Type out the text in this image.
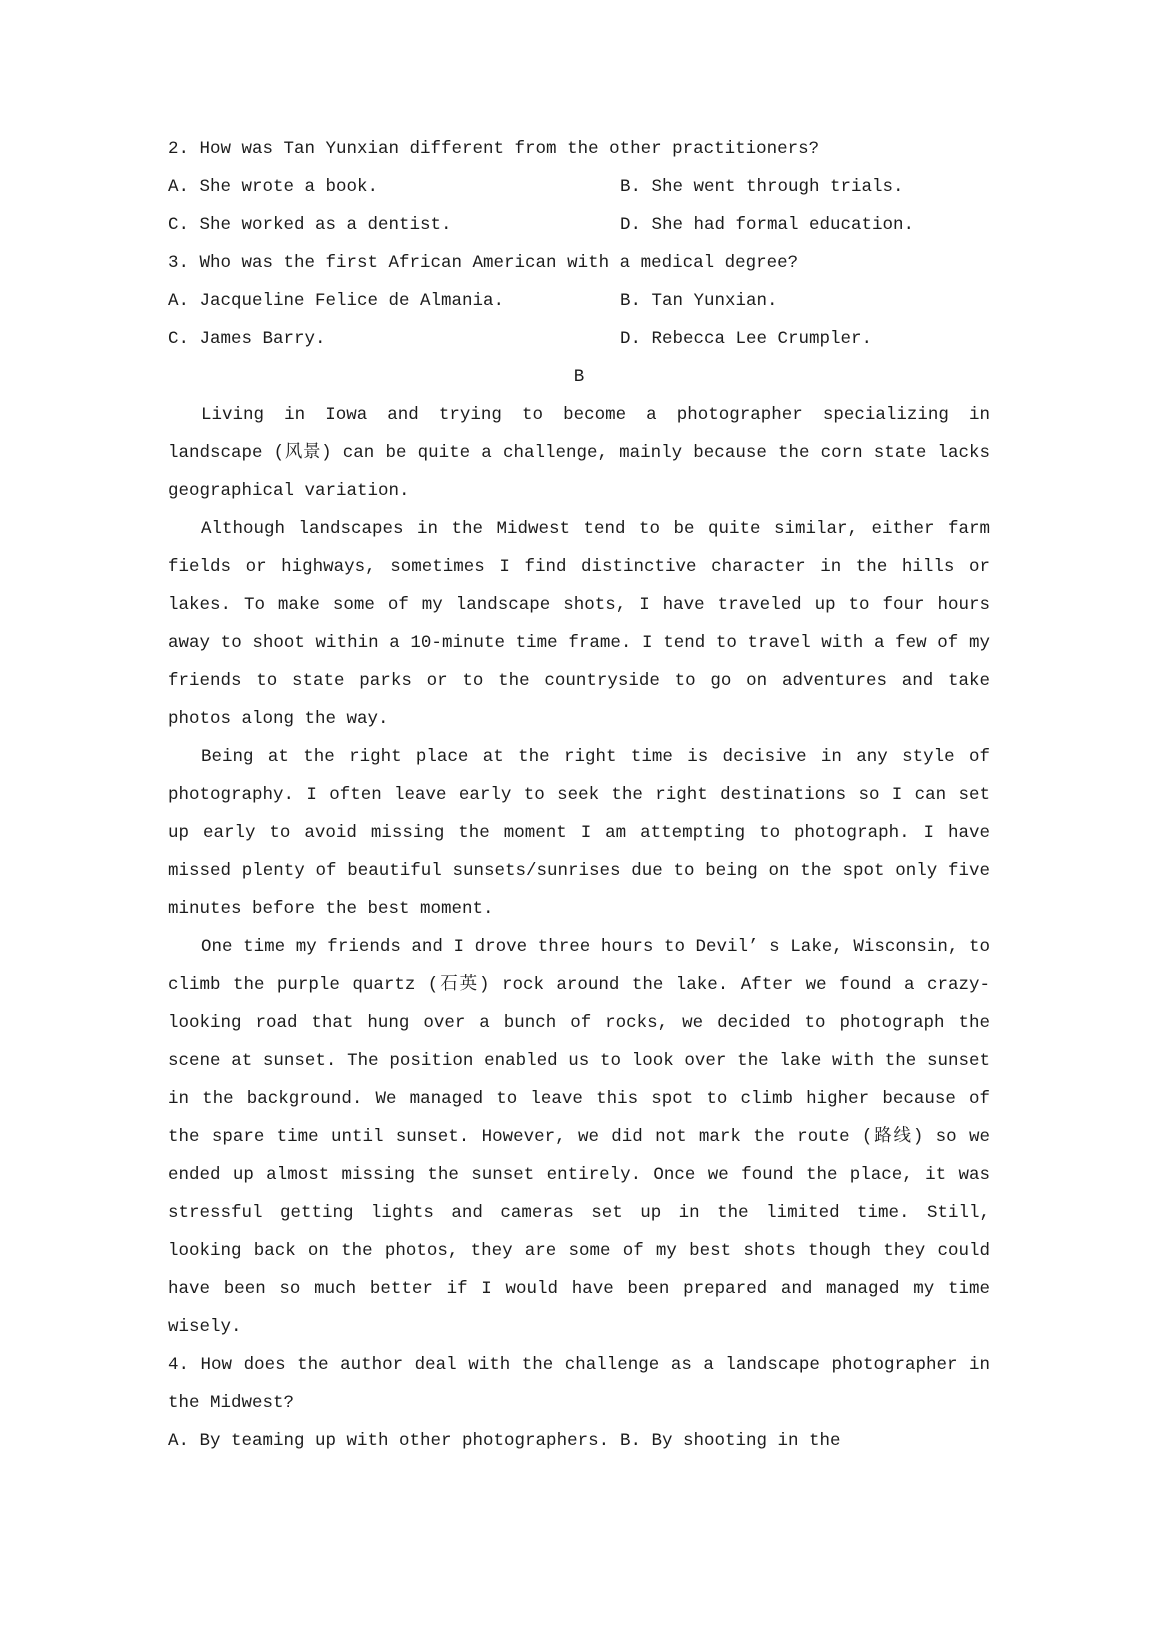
2. How was Tan Yunxian different from the other practitioners?

A. She wrote a book.	B. She went through trials.
C. She worked as a dentist.	D. She had formal education.

3. Who was the first African American with a medical degree?

A. Jacqueline Felice de Almania.	B. Tan Yunxian.
C. James Barry.	D. Rebecca Lee Crumpler.

B

Living in Iowa and trying to become a photographer specializing in landscape (风景) can be quite a challenge, mainly because the corn state lacks geographical variation.

Although landscapes in the Midwest tend to be quite similar, either farm fields or highways, sometimes I find distinctive character in the hills or lakes. To make some of my landscape shots, I have traveled up to four hours away to shoot within a 10-minute time frame. I tend to travel with a few of my friends to state parks or to the countryside to go on adventures and take photos along the way.

Being at the right place at the right time is decisive in any style of photography. I often leave early to seek the right destinations so I can set up early to avoid missing the moment I am attempting to photograph. I have missed plenty of beautiful sunsets/sunrises due to being on the spot only five minutes before the best moment.

One time my friends and I drove three hours to Devil’ s Lake, Wisconsin, to climb the purple quartz (石英) rock around the lake. After we found a crazy-looking road that hung over a bunch of rocks, we decided to photograph the scene at sunset. The position enabled us to look over the lake with the sunset in the background. We managed to leave this spot to climb higher because of the spare time until sunset. However, we did not mark the route (路线) so we ended up almost missing the sunset entirely. Once we found the place, it was stressful getting lights and cameras set up in the limited time. Still, looking back on the photos, they are some of my best shots though they could have been so much better if I would have been prepared and managed my time wisely.

4. How does the author deal with the challenge as a landscape photographer in the Midwest?

A. By teaming up with other photographers. B. By shooting in the
